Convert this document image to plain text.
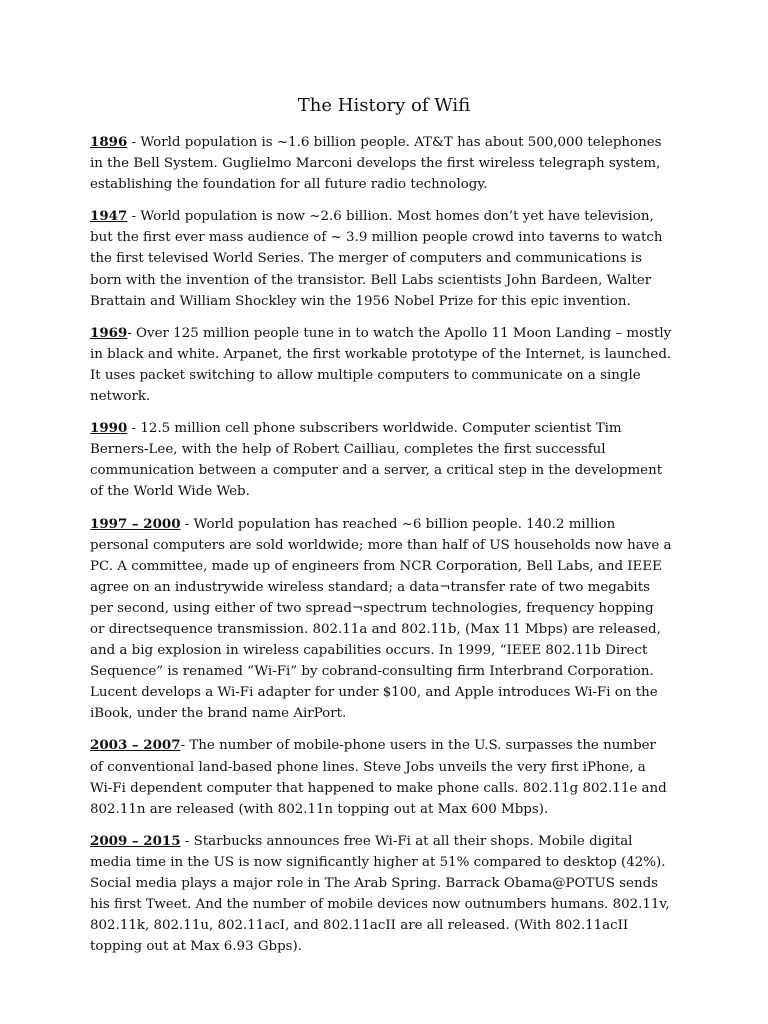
The History of Wifi

1896 - World population is ~1.6 billion people. AT&T has about 500,000 telephones in the Bell System. Guglielmo Marconi develops the first wireless telegraph system, establishing the foundation for all future radio technology.

1947 - World population is now ~2.6 billion. Most homes don’t yet have television, but the first ever mass audience of ~ 3.9 million people crowd into taverns to watch the first televised World Series. The merger of computers and communications is born with the invention of the transistor. Bell Labs scientists John Bardeen, Walter Brattain and William Shockley win the 1956 Nobel Prize for this epic invention.

1969- Over 125 million people tune in to watch the Apollo 11 Moon Landing – mostly in black and white. Arpanet, the first workable prototype of the Internet, is launched. It uses packet switching to allow multiple computers to communicate on a single network.

1990 - 12.5 million cell phone subscribers worldwide. Computer scientist Tim Berners-Lee, with the help of Robert Cailliau, completes the first successful communication between a computer and a server, a critical step in the development of the World Wide Web.

1997 – 2000 - World population has reached ~6 billion people. 140.2 million personal computers are sold worldwide; more than half of US households now have a PC. A committee, made up of engineers from NCR Corporation, Bell Labs, and IEEE agree on an industrywide wireless standard; a data¬transfer rate of two megabits per second, using either of two spread¬spectrum technologies, frequency hopping or directsequence transmission. 802.11a and 802.11b, (Max 11 Mbps) are released, and a big explosion in wireless capabilities occurs. In 1999, “IEEE 802.11b Direct Sequence” is renamed “Wi-Fi” by cobrand-consulting firm Interbrand Corporation. Lucent develops a Wi-Fi adapter for under $100, and Apple introduces Wi-Fi on the iBook, under the brand name AirPort.

2003 – 2007- The number of mobile-phone users in the U.S. surpasses the number of conventional land-based phone lines. Steve Jobs unveils the very first iPhone, a Wi-Fi dependent computer that happened to make phone calls. 802.11g 802.11e and 802.11n are released (with 802.11n topping out at Max 600 Mbps).

2009 – 2015 - Starbucks announces free Wi-Fi at all their shops. Mobile digital media time in the US is now significantly higher at 51% compared to desktop (42%). Social media plays a major role in The Arab Spring. Barrack Obama@POTUS sends his first Tweet. And the number of mobile devices now outnumbers humans. 802.11v, 802.11k, 802.11u, 802.11acI, and 802.11acII are all released. (With 802.11acII topping out at Max 6.93 Gbps).
